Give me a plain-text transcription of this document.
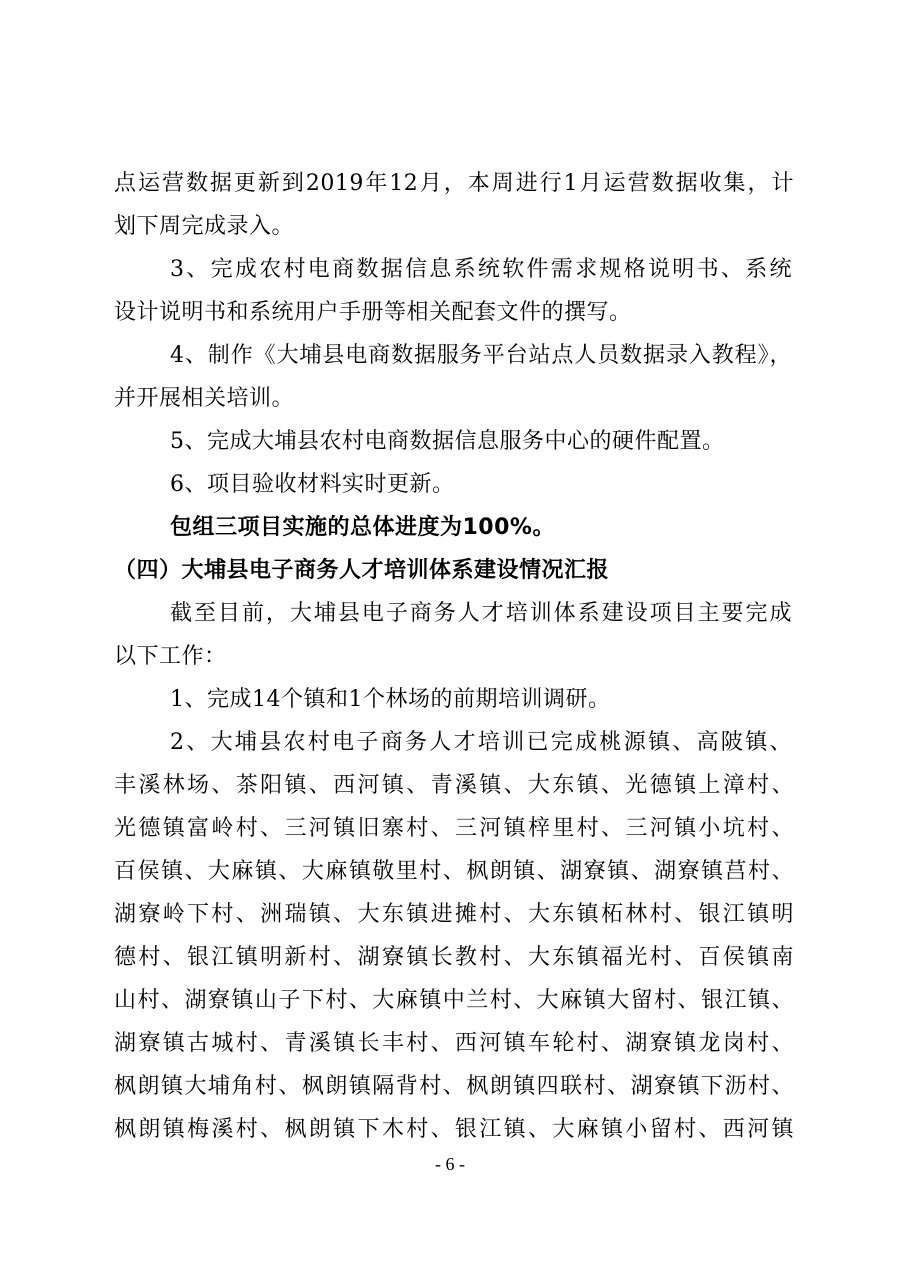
点运营数据更新到2019年12月，本周进行1月运营数据收集，计
划下周完成录入。
3、完成农村电商数据信息系统软件需求规格说明书、系统
设计说明书和系统用户手册等相关配套文件的撰写。
4、制作《大埔县电商数据服务平台站点人员数据录入教程》，
并开展相关培训。
5、完成大埔县农村电商数据信息服务中心的硬件配置。
6、项目验收材料实时更新。
包组三项目实施的总体进度为100%。
（四）大埔县电子商务人才培训体系建设情况汇报
截至目前，大埔县电子商务人才培训体系建设项目主要完成
以下工作：
1、完成14个镇和1个林场的前期培训调研。
2、大埔县农村电子商务人才培训已完成桃源镇、高陂镇、
丰溪林场、茶阳镇、西河镇、青溪镇、大东镇、光德镇上漳村、
光德镇富岭村、三河镇旧寨村、三河镇梓里村、三河镇小坑村、
百侯镇、大麻镇、大麻镇敬里村、枫朗镇、湖寮镇、湖寮镇莒村、
湖寮岭下村、洲瑞镇、大东镇进摊村、大东镇柘林村、银江镇明
德村、银江镇明新村、湖寮镇长教村、大东镇福光村、百侯镇南
山村、湖寮镇山子下村、大麻镇中兰村、大麻镇大留村、银江镇、
湖寮镇古城村、青溪镇长丰村、西河镇车轮村、湖寮镇龙岗村、
枫朗镇大埔角村、枫朗镇隔背村、枫朗镇四联村、湖寮镇下沥村、
枫朗镇梅溪村、枫朗镇下木村、银江镇、大麻镇小留村、西河镇
- 6 -
